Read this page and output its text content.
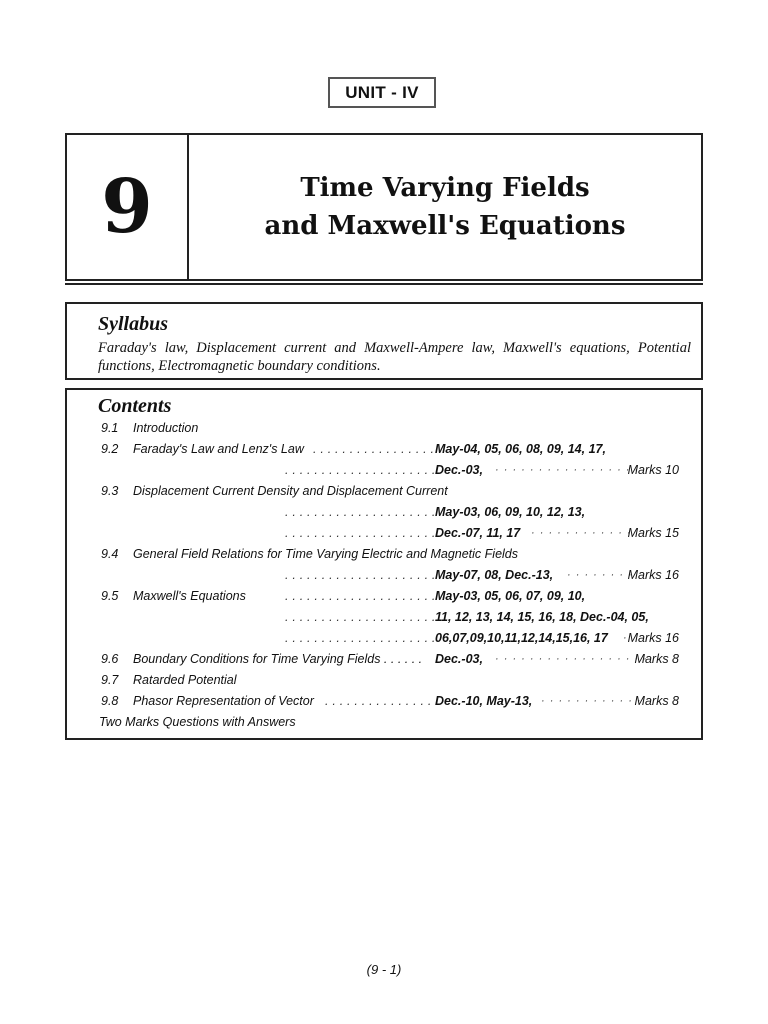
UNIT - IV
9	Time Varying Fields
and Maxwell's Equations
Syllabus
Faraday's law, Displacement current and Maxwell-Ampere law, Maxwell's equations, Potential functions, Electromagnetic boundary conditions.
Contents
9.1 Introduction
9.2 Faraday's Law and Lenz's Law . . . . . . . . . . . . . . . . . May-04, 05, 06, 08, 09, 14, 17,
. . . . . . . . . . . . . . . . . . . . . Dec.-03, · · · · · · · · · · · · · · · · ·
Marks 10
9.3 Displacement Current Density and Displacement Current
. . . . . . . . . . . . . . . . . . . . . May-03, 06, 09, 10, 12, 13,
. . . . . . . . . . . . . . . . . . . . . Dec.-07, 11, 17 · · · · · · · · · · · ·
Marks 15
9.4 General Field Relations for Time Varying Electric and Magnetic Fields
. . . . . . . . . . . . . . . . . . . . . May-07, 08, Dec.-13, · · · · · · · ·
Marks 16
9.5 Maxwell's Equations	. . . . . . . . . . . . . . . . . . . . . May-03, 05, 06, 07, 09, 10,
. . . . . . . . . . . . . . . . . . . . . 11, 12, 13, 14, 15, 16, 18, Dec.-04, 05,
. . . . . . . . . . . . . . . . . . . . . 06,07,09,10,11,12,14,15,16, 17 · Marks 16
9.6 Boundary Conditions for Time Varying Fields . . . . . . Dec.-03, · · · · · · · · · · · · · · · · · ·
Marks 8
9.7 Ratarded Potential
9.8 Phasor Representation of Vector . . . . . . . . . . . . . . . Dec.-10, May-13, · · · · · · · · · · · ·
Marks 8
Two Marks Questions with Answers
(9 - 1)
